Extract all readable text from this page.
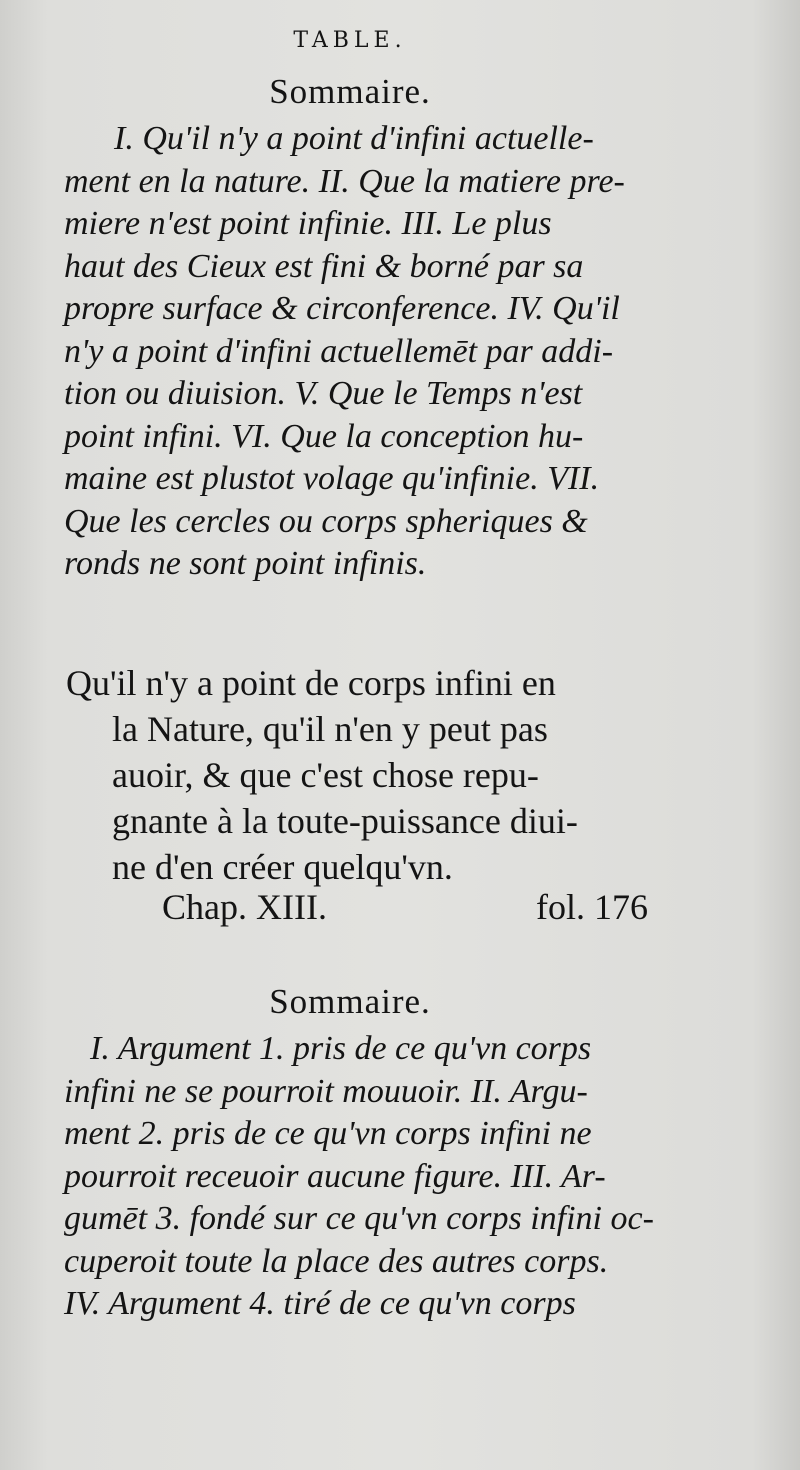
TABLE.
Sommaire.
I. Qu'il n'y a point d'infini actuelle-
ment en la nature. II. Que la matiere pre-
miere n'est point infinie. III. Le plus
haut des Cieux est fini & borné par sa
propre surface & circonference. IV. Qu'il
n'y a point d'infini actuellemēt par addi-
tion ou diuision. V. Que le Temps n'est
point infini. VI. Que la conception hu-
maine est plustot volage qu'infinie. VII.
Que les cercles ou corps spheriques &
ronds ne sont point infinis.
Qu'il n'y a point de corps infini en
la Nature, qu'il n'en y peut pas
auoir, & que c'est chose repu-
gnante à la toute-puissance diui-
ne d'en créer quelqu'vn.
Chap. XIII.	fol. 176
Sommaire.
I. Argument 1. pris de ce qu'vn corps
infini ne se pourroit mouuoir. II. Argu-
ment 2. pris de ce qu'vn corps infini ne
pourroit receuoir aucune figure. III. Ar-
gumēt 3. fondé sur ce qu'vn corps infini oc-
cuperoit toute la place des autres corps.
IV. Argument 4. tiré de ce qu'vn corps
